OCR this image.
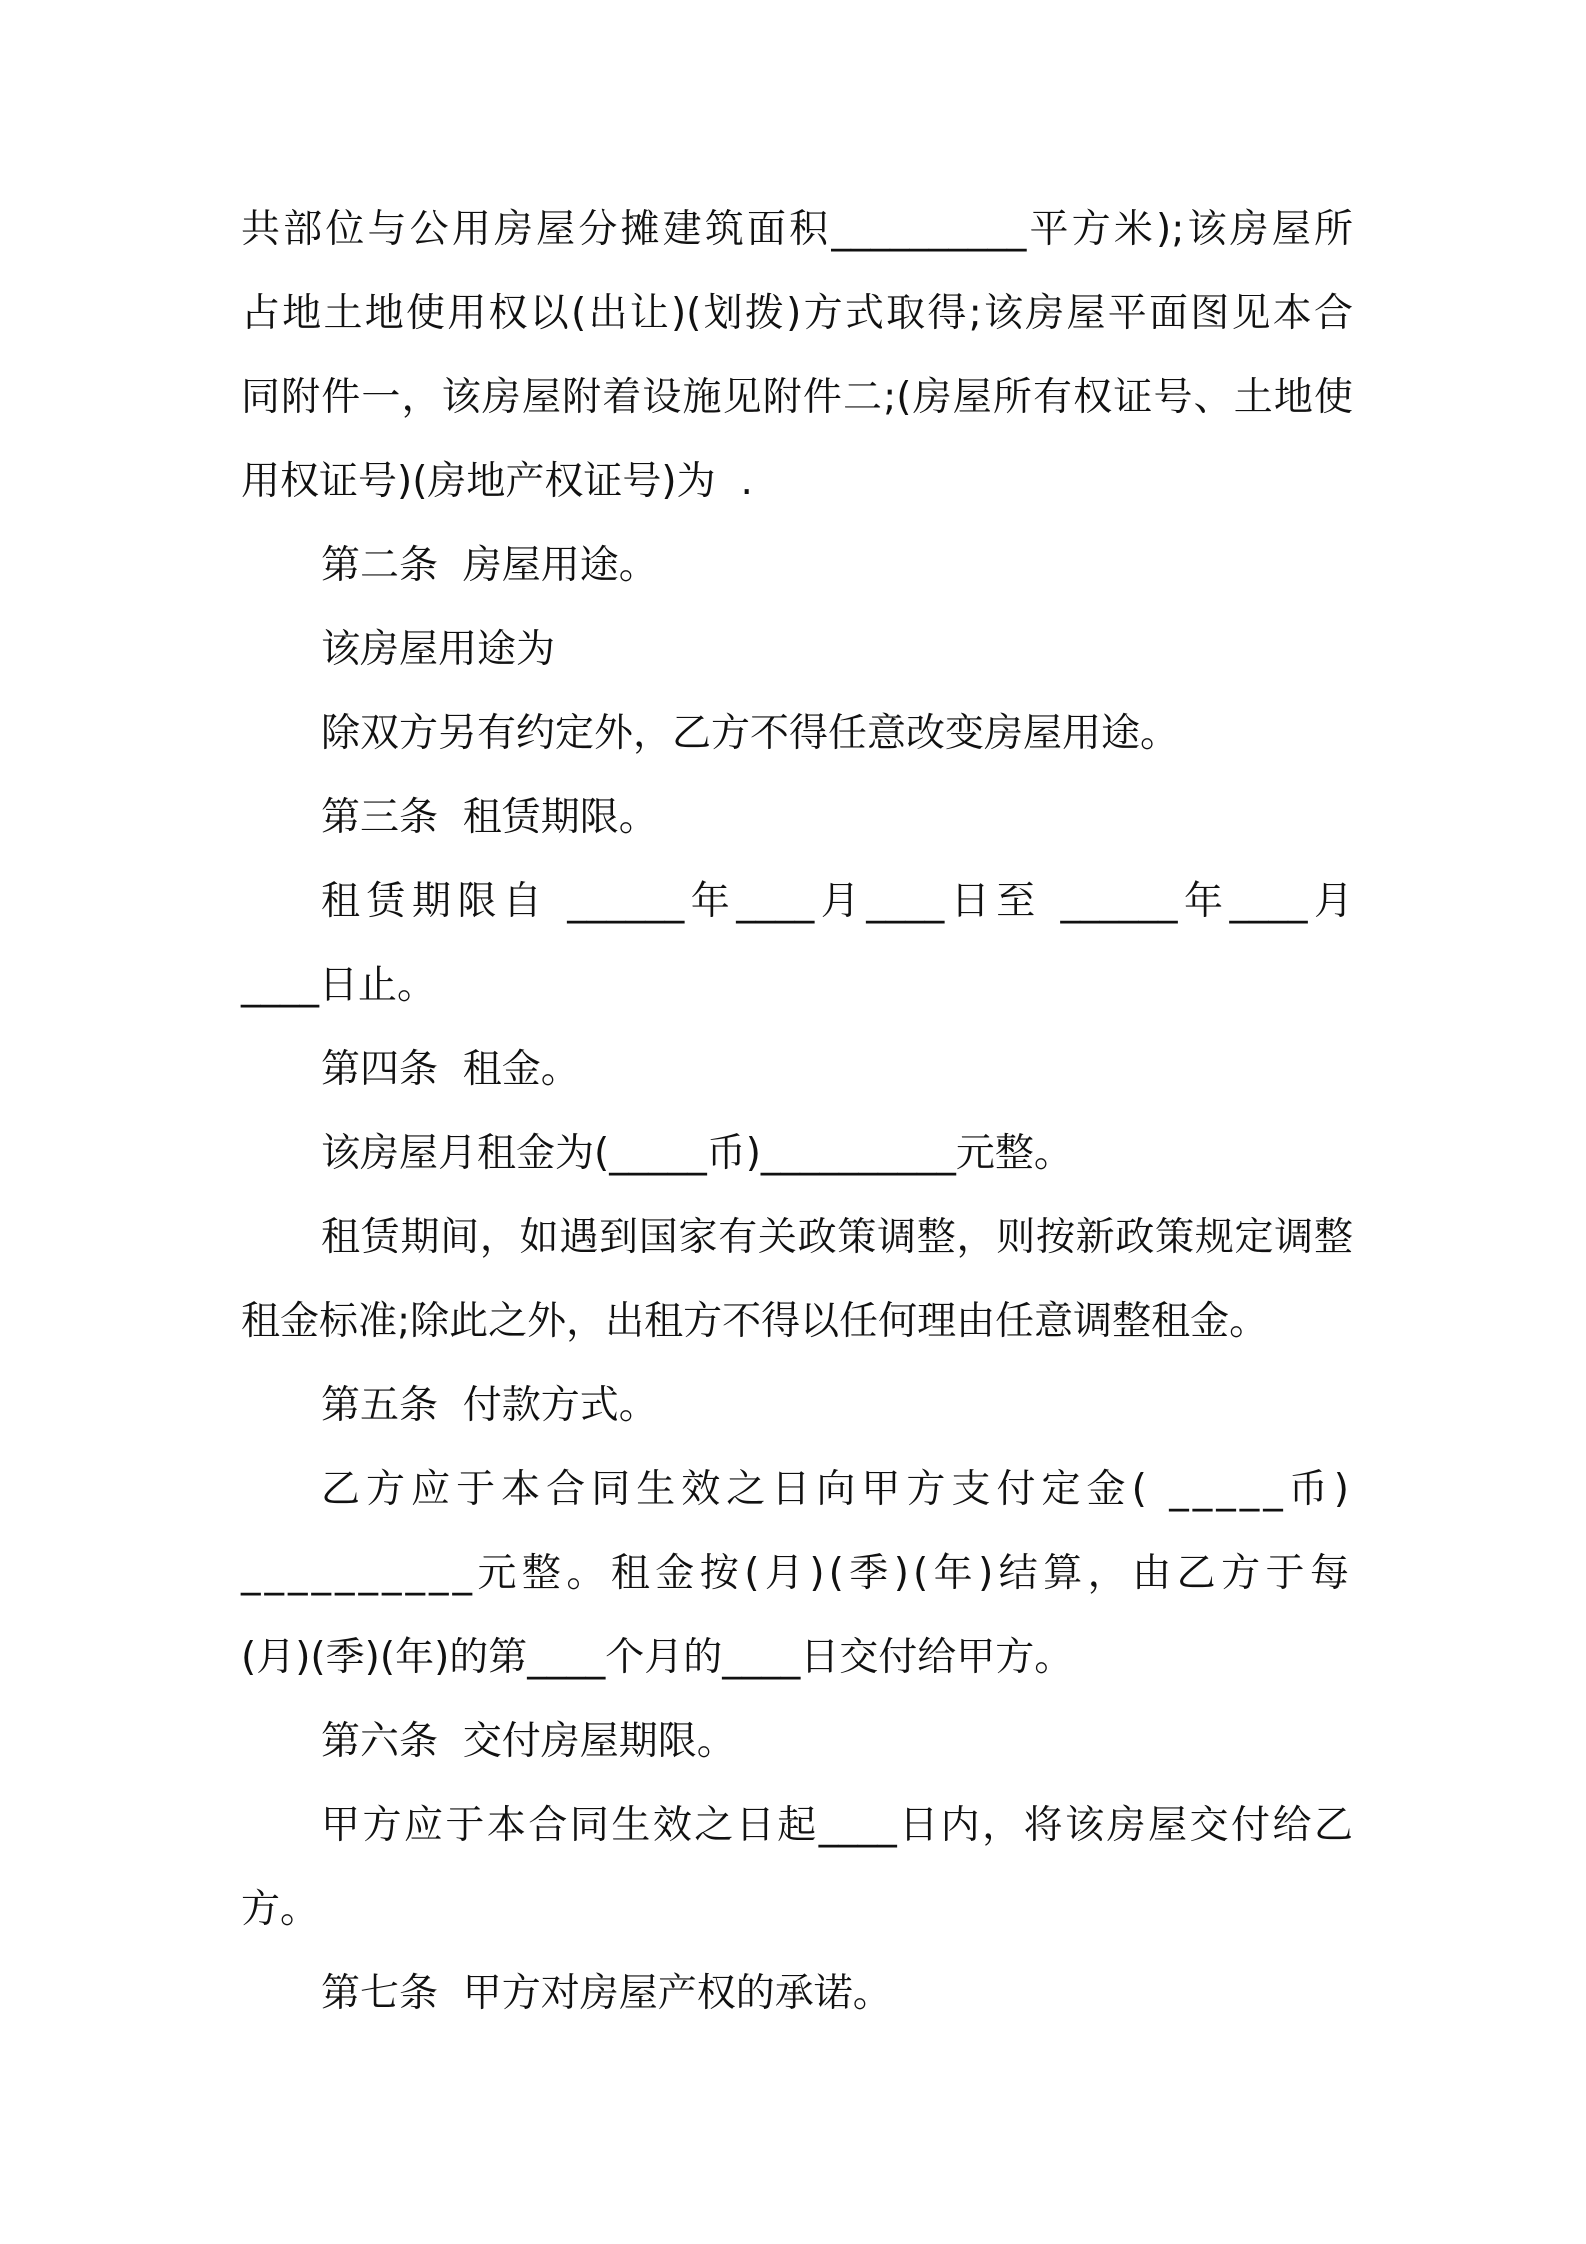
共部位与公用房屋分摊建筑面积__________平方米);该房屋所
占地土地使用权以(出让)(划拨)方式取得;该房屋平面图见本合
同附件一，该房屋附着设施见附件二;(房屋所有权证号、土地使
用权证号)(房地产权证号)为  .
第二条  房屋用途。
该房屋用途为
除双方另有约定外，乙方不得任意改变房屋用途。
第三条  租赁期限。
租赁期限自 ______年____月____日至 ______年____月
____日止。
第四条  租金。
该房屋月租金为(_____币)__________元整。
租赁期间，如遇到国家有关政策调整，则按新政策规定调整
租金标准;除此之外，出租方不得以任何理由任意调整租金。
第五条  付款方式。
乙方应于本合同生效之日向甲方支付定金( _____币)
__________元整。租金按(月)(季)(年)结算，由乙方于每
(月)(季)(年)的第____个月的____日交付给甲方。
第六条  交付房屋期限。
甲方应于本合同生效之日起____日内，将该房屋交付给乙
方。
第七条  甲方对房屋产权的承诺。
